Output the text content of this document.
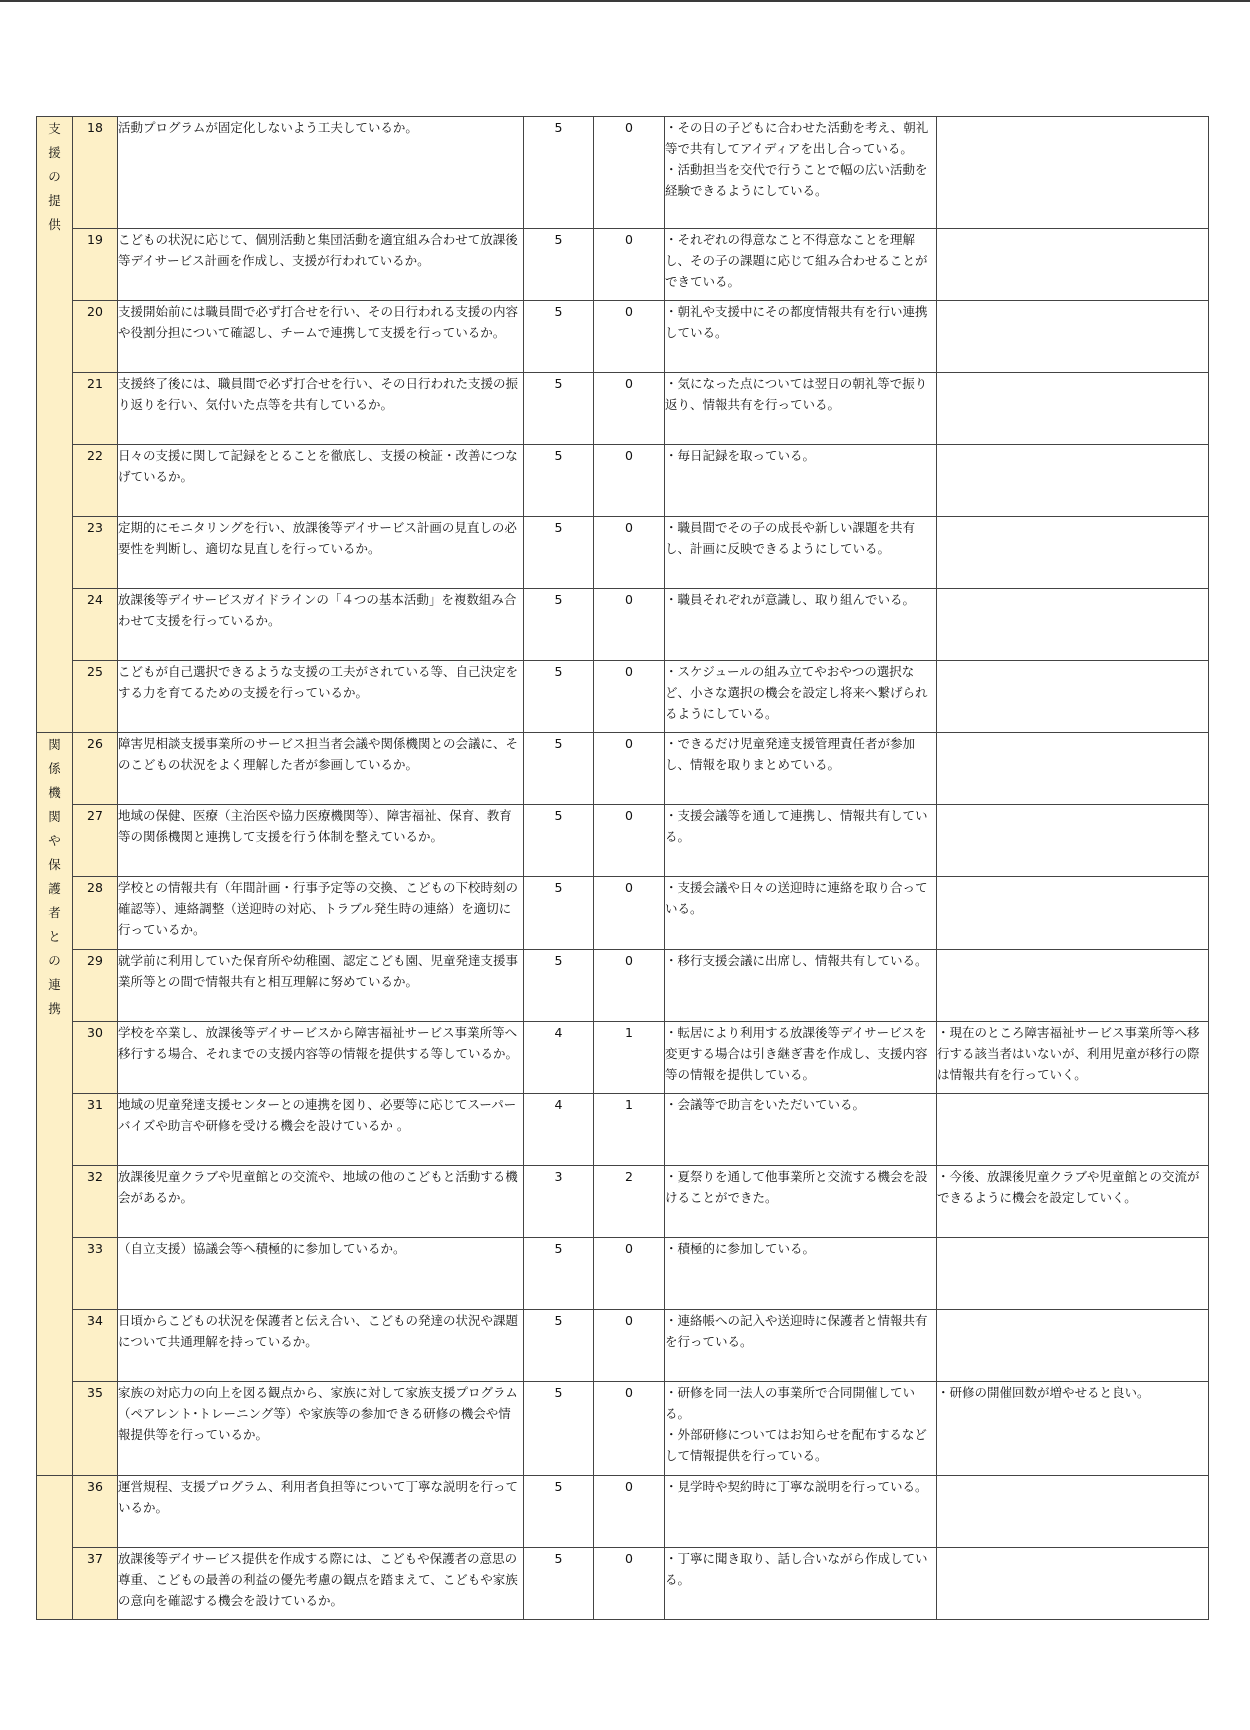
支援の提供	18	活動プログラムが固定化しないよう工夫しているか。	5	0	・その日の子どもに合わせた活動を考え、朝礼等で共有してアイディアを出し合っている。
・活動担当を交代で行うことで幅の広い活動を経験できるようにしている。	
	19	こどもの状況に応じて、個別活動と集団活動を適宜組み合わせて放課後等デイサービス計画を作成し、支援が行われているか。	5	0	・それぞれの得意なこと不得意なことを理解し、その子の課題に応じて組み合わせることができている。	
	20	支援開始前には職員間で必ず打合せを行い、その日行われる支援の内容や役割分担について確認し、チームで連携して支援を行っているか。	5	0	・朝礼や支援中にその都度情報共有を行い連携している。	
	21	支援終了後には、職員間で必ず打合せを行い、その日行われた支援の振り返りを行い、気付いた点等を共有しているか。	5	0	・気になった点については翌日の朝礼等で振り返り、情報共有を行っている。	
	22	日々の支援に関して記録をとることを徹底し、支援の検証・改善につなげているか。	5	0	・毎日記録を取っている。	
	23	定期的にモニタリングを行い、放課後等デイサービス計画の見直しの必要性を判断し、適切な見直しを行っているか。	5	0	・職員間でその子の成長や新しい課題を共有し、計画に反映できるようにしている。	
	24	放課後等デイサービスガイドラインの「４つの基本活動」を複数組み合わせて支援を行っているか。	5	0	・職員それぞれが意識し、取り組んでいる。	
	25	こどもが自己選択できるような支援の工夫がされている等、自己決定をする力を育てるための支援を行っているか。	5	0	・スケジュールの組み立てやおやつの選択など、小さな選択の機会を設定し将来へ繋げられるようにしている。	
関係機関や保護者との連携	26	障害児相談支援事業所のサービス担当者会議や関係機関との会議に、そのこどもの状況をよく理解した者が参画しているか。	5	0	・できるだけ児童発達支援管理責任者が参加し、情報を取りまとめている。	
	27	地域の保健、医療（主治医や協力医療機関等）、障害福祉、保育、教育等の関係機関と連携して支援を行う体制を整えているか。	5	0	・支援会議等を通して連携し、情報共有している。	
	28	学校との情報共有（年間計画・行事予定等の交換、こどもの下校時刻の確認等）、連絡調整（送迎時の対応、トラブル発生時の連絡）を適切に行っているか。	5	0	・支援会議や日々の送迎時に連絡を取り合っている。	
	29	就学前に利用していた保育所や幼稚園、認定こども園、児童発達支援事業所等との間で情報共有と相互理解に努めているか。	5	0	・移行支援会議に出席し、情報共有している。	
	30	学校を卒業し、放課後等デイサービスから障害福祉サービス事業所等へ移行する場合、それまでの支援内容等の情報を提供する等しているか。	4	1	・転居により利用する放課後等デイサービスを変更する場合は引き継ぎ書を作成し、支援内容等の情報を提供している。	・現在のところ障害福祉サービス事業所等へ移行する該当者はいないが、利用児童が移行の際は情報共有を行っていく。
	31	地域の児童発達支援センターとの連携を図り、必要等に応じてスーパーバイズや助言や研修を受ける機会を設けているか 。	4	1	・会議等で助言をいただいている。	
	32	放課後児童クラブや児童館との交流や、地域の他のこどもと活動する機会があるか。	3	2	・夏祭りを通して他事業所と交流する機会を設けることができた。	・今後、放課後児童クラブや児童館との交流ができるように機会を設定していく。
	33	（自立支援）協議会等へ積極的に参加しているか。	5	0	・積極的に参加している。	
	34	日頃からこどもの状況を保護者と伝え合い、こどもの発達の状況や課題について共通理解を持っているか。	5	0	・連絡帳への記入や送迎時に保護者と情報共有を行っている。	
	35	家族の対応力の向上を図る観点から、家族に対して家族支援プログラム（ペアレント･トレーニング等）や家族等の参加できる研修の機会や情報提供等を行っているか。	5	0	・研修を同一法人の事業所で合同開催している。
・外部研修についてはお知らせを配布するなどして情報提供を行っている。	・研修の開催回数が増やせると良い。
	36	運営規程、支援プログラム、利用者負担等について丁寧な説明を行っているか。	5	0	・見学時や契約時に丁寧な説明を行っている。	
	37	放課後等デイサービス提供を作成する際には、こどもや保護者の意思の尊重、こどもの最善の利益の優先考慮の観点を踏まえて、こどもや家族の意向を確認する機会を設けているか。	5	0	・丁寧に聞き取り、話し合いながら作成している。	
